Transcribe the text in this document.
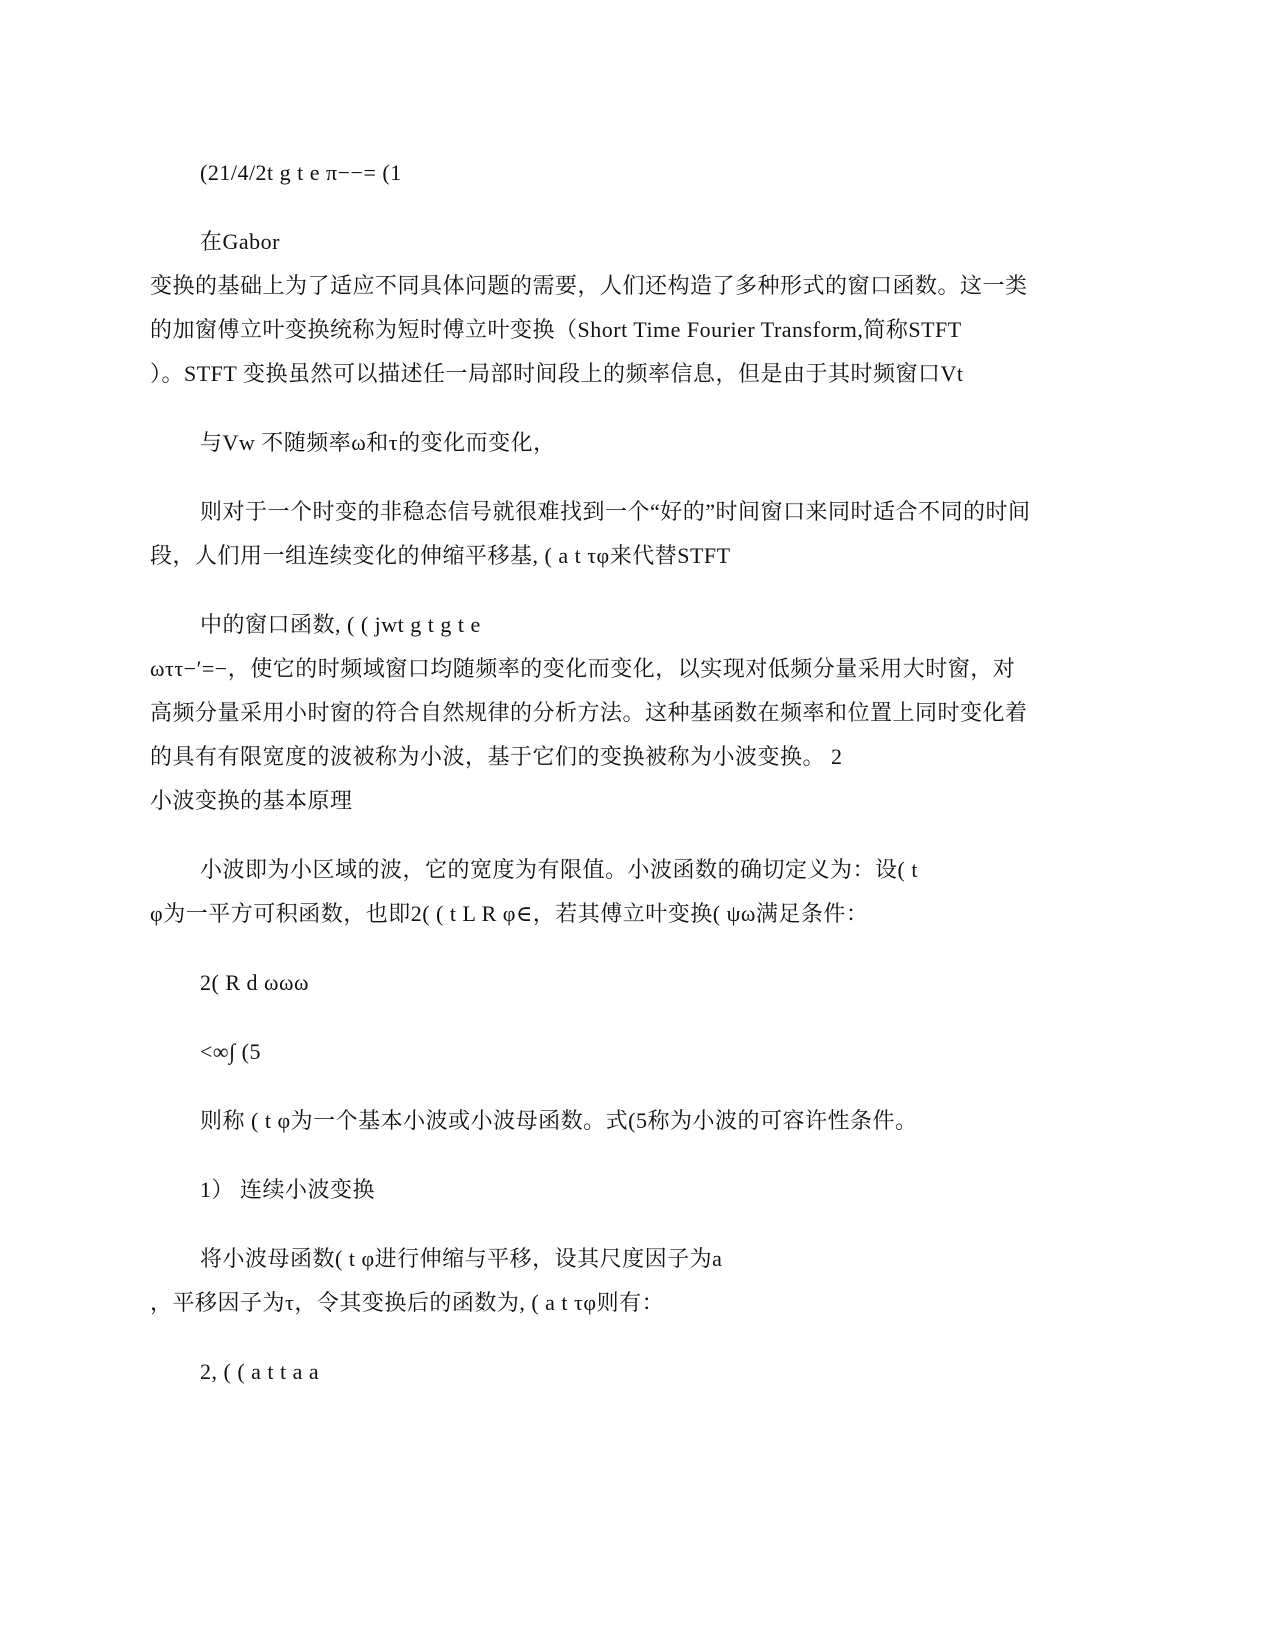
(21/4/2t g t e π−−= (1
在Gabor
变换的基础上为了适应不同具体问题的需要，人们还构造了多种形式的窗口函数。这一类
的加窗傅立叶变换统称为短时傅立叶变换（Short Time Fourier Transform,简称STFT
）。STFT 变换虽然可以描述任一局部时间段上的频率信息，但是由于其时频窗口Vt
与Vw 不随频率ω和τ的变化而变化，
则对于一个时变的非稳态信号就很难找到一个“好的”时间窗口来同时适合不同的时间
段，人们用一组连续变化的伸缩平移基, ( a t τφ来代替STFT
中的窗口函数, ( ( jwt g t g t e
ωττ−′=−，使它的时频域窗口均随频率的变化而变化，以实现对低频分量采用大时窗，对
高频分量采用小时窗的符合自然规律的分析方法。这种基函数在频率和位置上同时变化着
的具有有限宽度的波被称为小波，基于它们的变换被称为小波变换。 2
小波变换的基本原理
小波即为小区域的波，它的宽度为有限值。小波函数的确切定义为：设( t
φ为一平方可积函数，也即2( ( t L R φ∈，若其傅立叶变换( ψω满足条件：
2( R d ωωω
<∞∫ (5
则称 ( t φ为一个基本小波或小波母函数。式(5称为小波的可容许性条件。
1） 连续小波变换
将小波母函数( t φ进行伸缩与平移，设其尺度因子为a
，平移因子为τ，令其变换后的函数为, ( a t τφ则有：
2, ( ( a t t a a
